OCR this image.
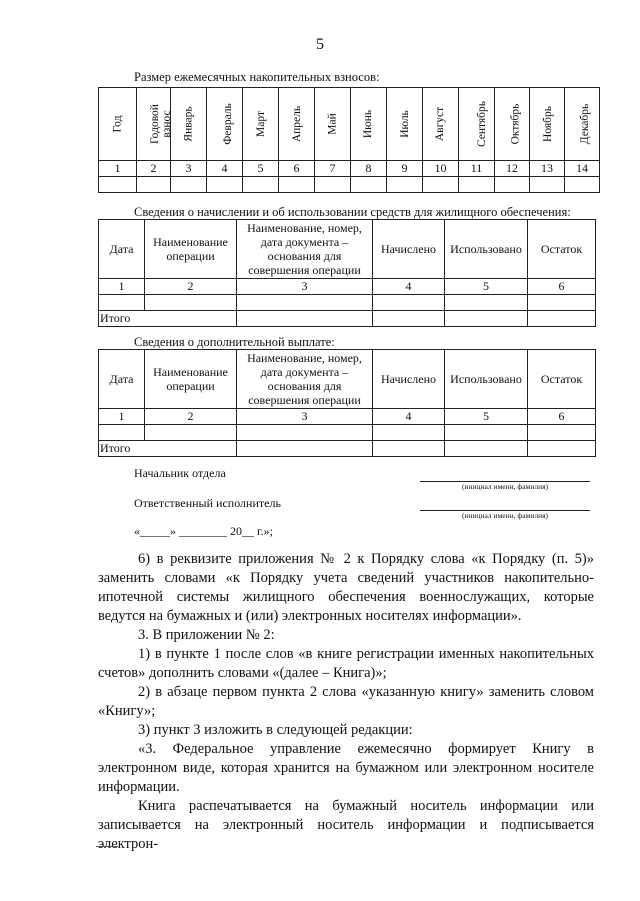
5
Размер ежемесячных накопительных взносов:
Год	Годовой взнос	Январь	Февраль	Март	Апрель	Май	Июнь	Июль	Август	Сентябрь	Октябрь	Ноябрь	Декабрь
1	2	3	4	5	6	7	8	9	10	11	12	13	14

Сведения о начислении и об использовании средств для жилищного обеспечения:
Дата	Наименование операции	Наименование, номер, дата документа – основания для совершения операции	Начислено	Использовано	Остаток
1	2	3	4	5	6

Итого					
Сведения о дополнительной выплате:
Дата	Наименование операции	Наименование, номер, дата документа – основания для совершения операции	Начислено	Использовано	Остаток
1	2	3	4	5	6

Итого					
Начальник отдела
(инициал имени, фамилия)
Ответственный исполнитель
(инициал имени, фамилия)
«_____» ________ 20__ г.»;

6) в реквизите приложения № 2 к Порядку слова «к Порядку (п. 5)» заменить словами «к Порядку учета сведений участников накопительно-ипотечной системы жилищного обеспечения военнослужащих, которые ведутся на бумажных и (или) электронных носителях информации».

3. В приложении № 2:

1) в пункте 1 после слов «в книге регистрации именных накопительных счетов» дополнить словами «(далее – Книга)»;

2) в абзаце первом пункта 2 слова «указанную книгу» заменить словом «Книгу»;

3) пункт 3 изложить в следующей редакции:

«3. Федеральное управление ежемесячно формирует Книгу в электронном виде, которая хранится на бумажном или электронном носителе информации.

Книга распечатывается на бумажный носитель информации или записывается на электронный носитель информации и подписывается электрон-
